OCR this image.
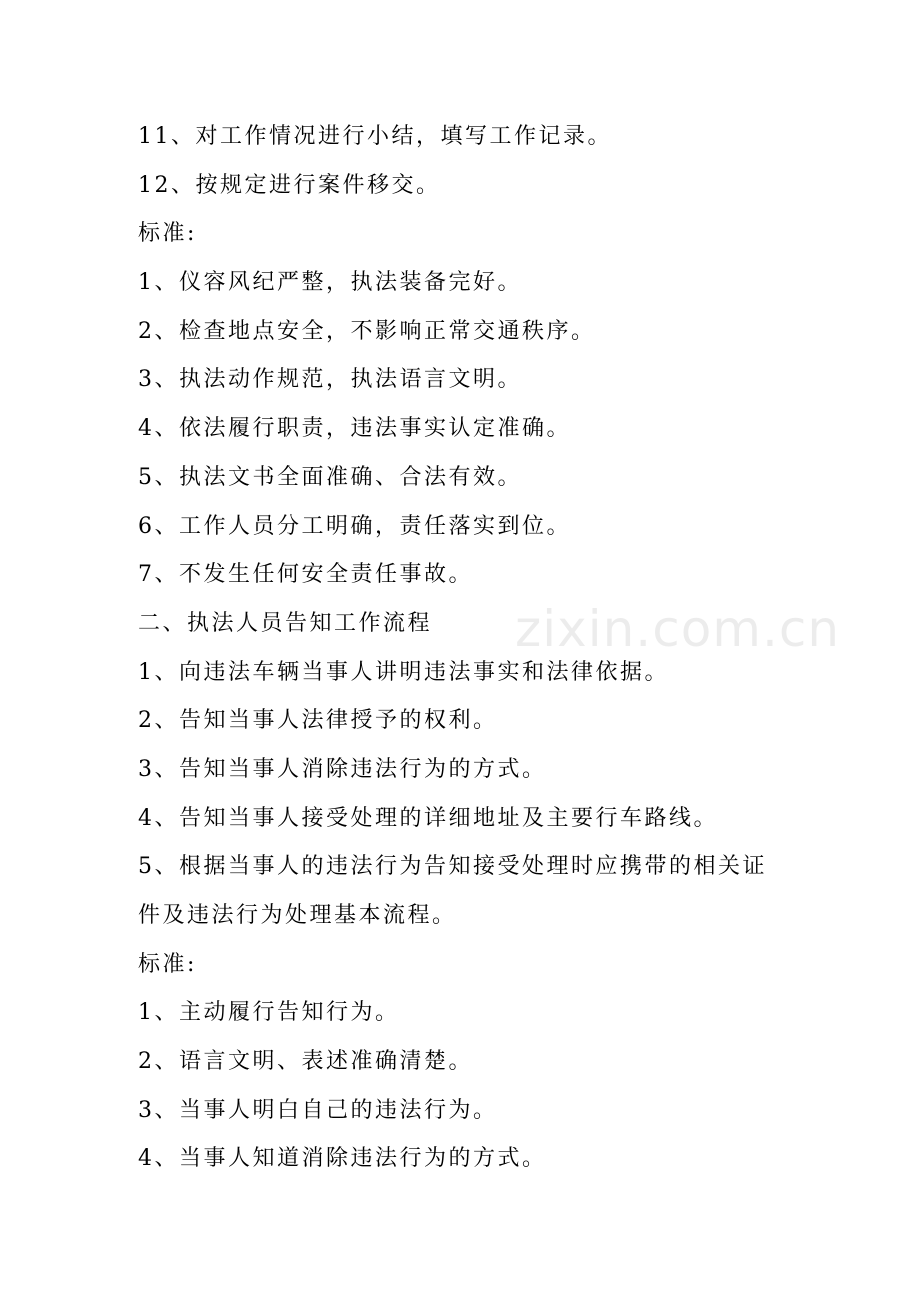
11、对工作情况进行小结，填写工作记录。
12、按规定进行案件移交。
标准:
1、仪容风纪严整，执法装备完好。
2、检查地点安全，不影响正常交通秩序。
3、执法动作规范，执法语言文明。
4、依法履行职责，违法事实认定准确。
5、执法文书全面准确、合法有效。
6、工作人员分工明确，责任落实到位。
7、不发生任何安全责任事故。
二、执法人员告知工作流程
1、向违法车辆当事人讲明违法事实和法律依据。
2、告知当事人法律授予的权利。
3、告知当事人消除违法行为的方式。
4、告知当事人接受处理的详细地址及主要行车路线。
5、根据当事人的违法行为告知接受处理时应携带的相关证
件及违法行为处理基本流程。
标准:
1、主动履行告知行为。
2、语言文明、表述准确清楚。
3、当事人明白自己的违法行为。
4、当事人知道消除违法行为的方式。
zixin.com.cn
